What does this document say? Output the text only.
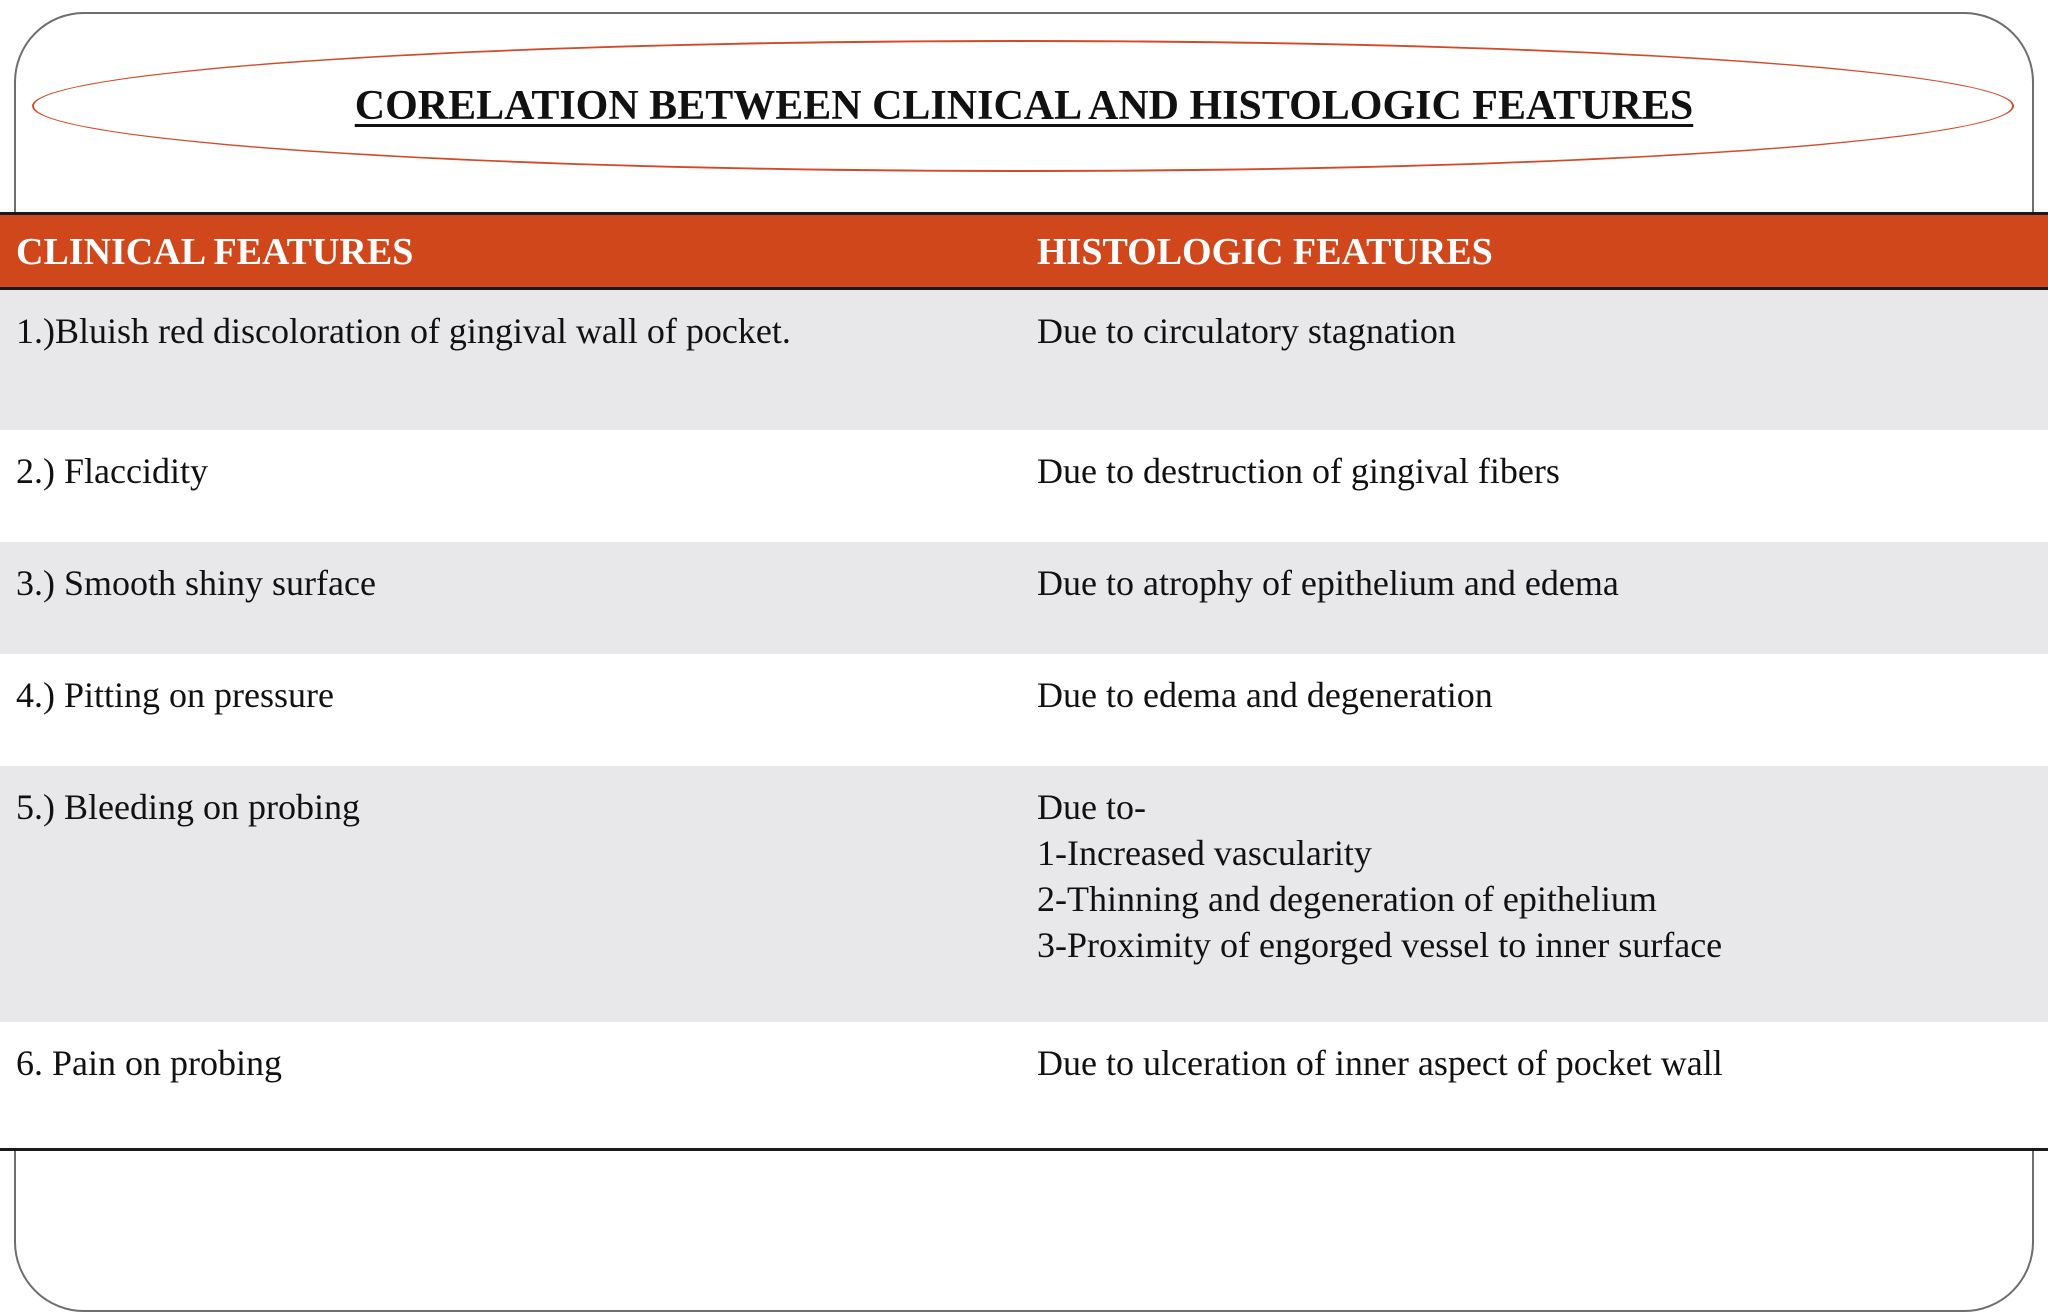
CORELATION BETWEEN CLINICAL AND HISTOLOGIC FEATURES
CLINICAL FEATURES	HISTOLOGIC FEATURES
1.)Bluish red discoloration of gingival wall of pocket.	Due to circulatory stagnation
2.) Flaccidity	Due to destruction of gingival fibers
3.) Smooth shiny surface	Due to atrophy of epithelium and edema
4.) Pitting on pressure	Due to edema and degeneration
5.) Bleeding on probing	Due to-
1-Increased vascularity
2-Thinning and degeneration of epithelium
3-Proximity of engorged vessel to inner surface
6. Pain on probing	Due to ulceration of inner aspect of pocket wall
